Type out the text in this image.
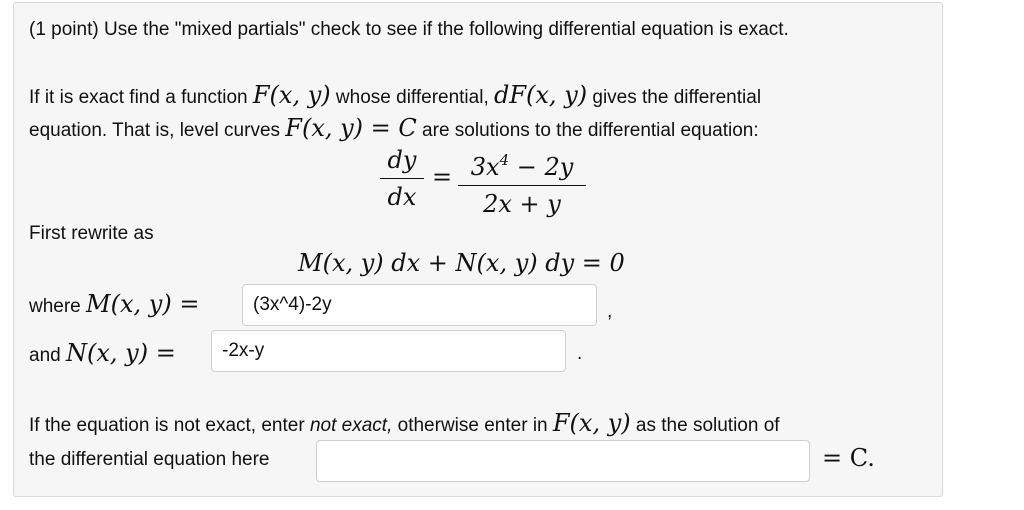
(1 point) Use the "mixed partials" check to see if the following differential equation is exact.
If it is exact find a function F(x, y) whose differential, dF(x, y) gives the differential
equation. That is, level curves F(x, y) = C are solutions to the differential equation:
dy
dx
= $3x^4 - 2y$
2x + y
First rewrite as
M(x, y) dx + N(x, y) dy = 0
where M(x, y) =	(3x^4)-2y	,
and N(x, y) =	-2x-y	.
If the equation is not exact, enter not exact, otherwise enter in F(x, y) as the solution of
the differential equation here	= C.
